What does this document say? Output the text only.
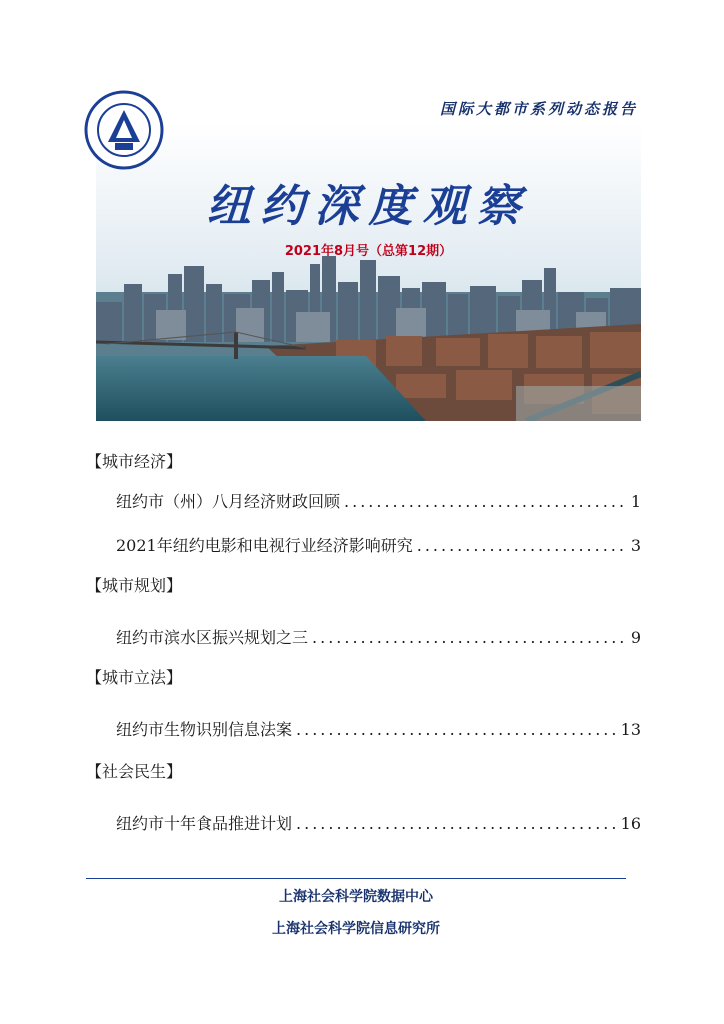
国际大都市系列动态报告
纽约深度观察
2021年8月号（总第12期）
【城市经济】
纽约市（州）八月经济财政回顾 .....	1
2021年纽约电影和电视行业经济影响研究 .....	3
【城市规划】
纽约市滨水区振兴规划之三 .....	9
【城市立法】
纽约市生物识别信息法案 .....	13
【社会民生】
纽约市十年食品推进计划 .....	16
上海社会科学院数据中心
上海社会科学院信息研究所
